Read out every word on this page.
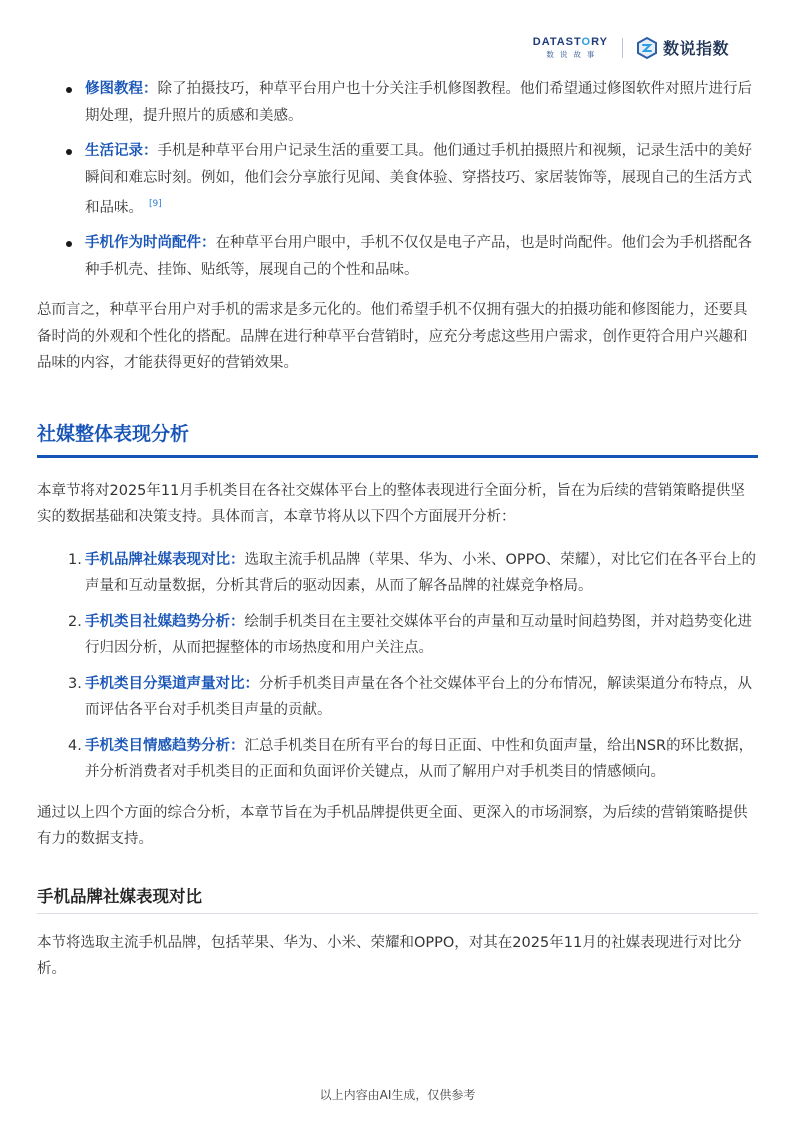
DATASTORY
数说故事	数说指数
修图教程：除了拍摄技巧，种草平台用户也十分关注手机修图教程。他们希望通过修图软件对照片进行后期处理，提升照片的质感和美感。
生活记录：手机是种草平台用户记录生活的重要工具。他们通过手机拍摄照片和视频，记录生活中的美好瞬间和难忘时刻。例如，他们会分享旅行见闻、美食体验、穿搭技巧、家居装饰等，展现自己的生活方式和品味。 [9]
手机作为时尚配件：在种草平台用户眼中，手机不仅仅是电子产品，也是时尚配件。他们会为手机搭配各种手机壳、挂饰、贴纸等，展现自己的个性和品味。

总而言之，种草平台用户对手机的需求是多元化的。他们希望手机不仅拥有强大的拍摄功能和修图能力，还要具备时尚的外观和个性化的搭配。品牌在进行种草平台营销时，应充分考虑这些用户需求，创作更符合用户兴趣和品味的内容，才能获得更好的营销效果。

社媒整体表现分析

本章节将对2025年11月手机类目在各社交媒体平台上的整体表现进行全面分析，旨在为后续的营销策略提供坚实的数据基础和决策支持。具体而言，本章节将从以下四个方面展开分析：

1. 手机品牌社媒表现对比：选取主流手机品牌（苹果、华为、小米、OPPO、荣耀），对比它们在各平台上的声量和互动量数据，分析其背后的驱动因素，从而了解各品牌的社媒竞争格局。
2. 手机类目社媒趋势分析：绘制手机类目在主要社交媒体平台的声量和互动量时间趋势图，并对趋势变化进行归因分析，从而把握整体的市场热度和用户关注点。
3. 手机类目分渠道声量对比：分析手机类目声量在各个社交媒体平台上的分布情况，解读渠道分布特点，从而评估各平台对手机类目声量的贡献。
4. 手机类目情感趋势分析：汇总手机类目在所有平台的每日正面、中性和负面声量，给出NSR的环比数据，并分析消费者对手机类目的正面和负面评价关键点，从而了解用户对手机类目的情感倾向。

通过以上四个方面的综合分析，本章节旨在为手机品牌提供更全面、更深入的市场洞察，为后续的营销策略提供有力的数据支持。

手机品牌社媒表现对比

本节将选取主流手机品牌，包括苹果、华为、小米、荣耀和OPPO，对其在2025年11月的社媒表现进行对比分析。

以上内容由AI生成，仅供参考
